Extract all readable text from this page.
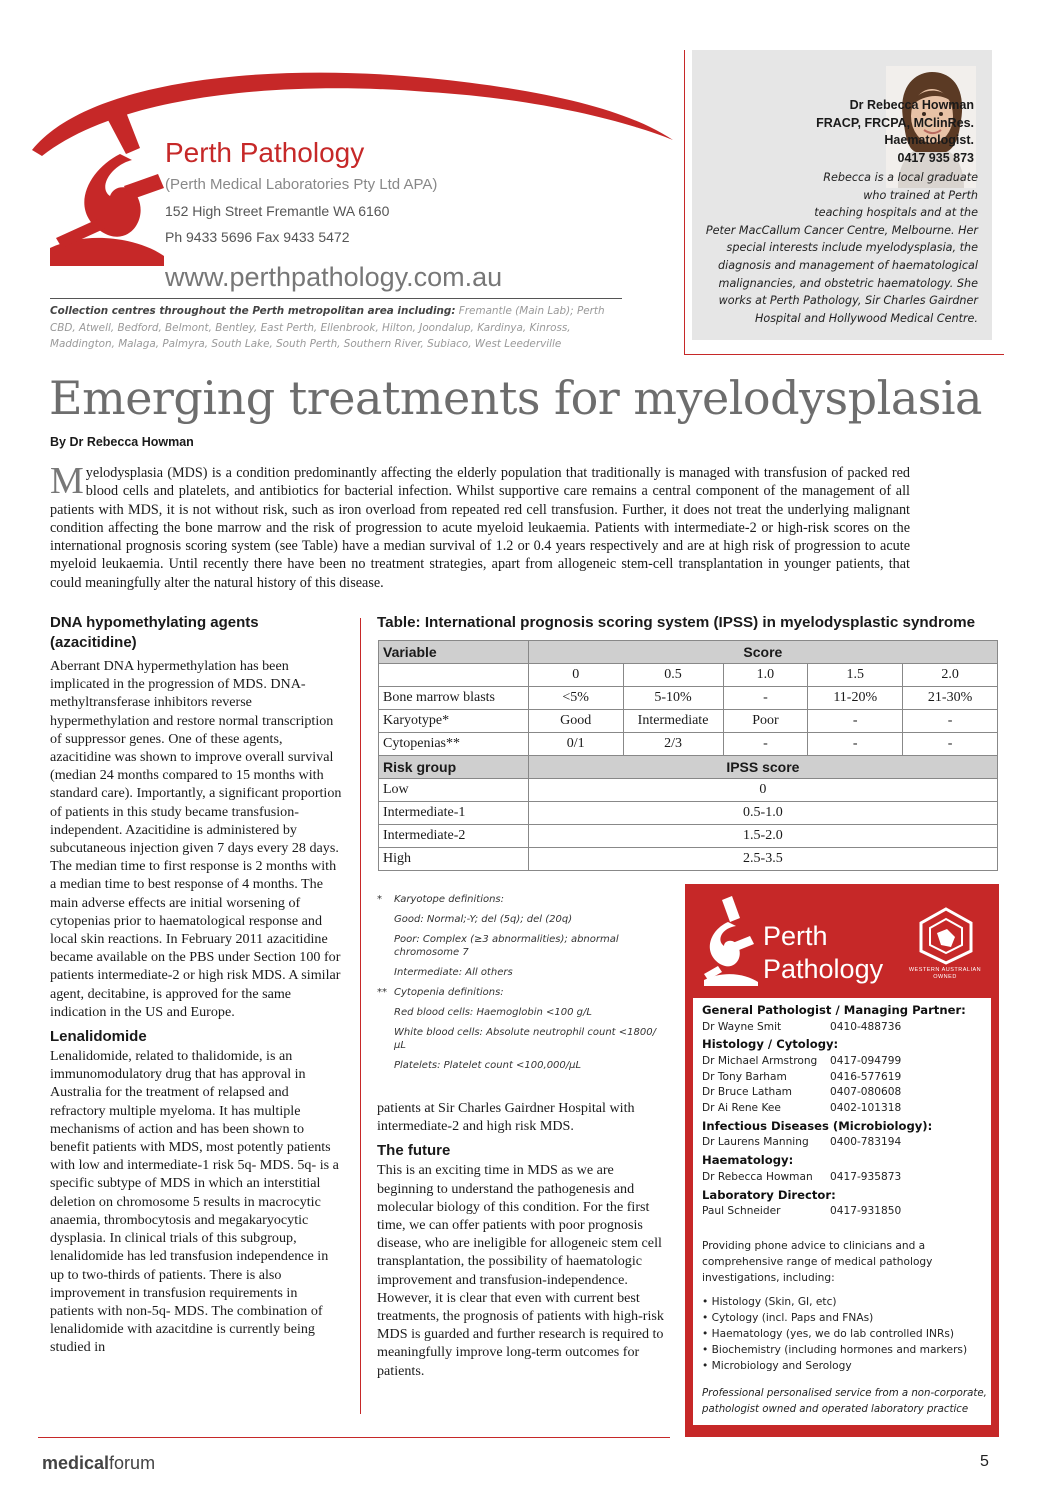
Perth Pathology
(Perth Medical Laboratories Pty Ltd APA)
152 High Street Fremantle WA 6160
Ph 9433 5696 Fax 9433 5472
www.perthpathology.com.au
Collection centres throughout the Perth metropolitan area including: Fremantle (Main Lab); Perth CBD, Atwell, Bedford, Belmont, Bentley, East Perth, Ellenbrook, Hilton, Joondalup, Kardinya, Kinross, Maddington, Malaga, Palmyra, South Lake, South Perth, Southern River, Subiaco, West Leederville
Dr Rebecca Howman
FRACP, FRCPA, MClinRes.
Haematologist.
0417 935 873
Rebecca is a local graduate
who trained at Perth
teaching hospitals and at the
Peter MacCallum Cancer Centre, Melbourne. Her
special interests include myelodysplasia, the
diagnosis and management of haematological
malignancies, and obstetric haematology. She
works at Perth Pathology, Sir Charles Gairdner
Hospital and Hollywood Medical Centre.
Emerging treatments for myelodysplasia
By Dr Rebecca Howman
Myelodysplasia (MDS) is a condition predominantly affecting the elderly population that traditionally is managed with transfusion of packed red blood cells and platelets, and antibiotics for bacterial infection. Whilst supportive care remains a central component of the management of all patients with MDS, it is not without risk, such as iron overload from repeated red cell transfusion. Further, it does not treat the underlying malignant condition affecting the bone marrow and the risk of progression to acute myeloid leukaemia. Patients with intermediate-2 or high-risk scores on the international prognosis scoring system (see Table) have a median survival of 1.2 or 0.4 years respectively and are at high risk of progression to acute myeloid leukaemia. Until recently there have been no treatment strategies, apart from allogeneic stem-cell transplantation in younger patients, that could meaningfully alter the natural history of this disease.
DNA hypomethylating agents (azacitidine)

Aberrant DNA hypermethylation has been implicated in the progression of MDS. DNA-methyltransferase inhibitors reverse hypermethylation and restore normal transcription of suppressor genes. One of these agents, azacitidine was shown to improve overall survival (median 24 months compared to 15 months with standard care). Importantly, a significant proportion of patients in this study became transfusion-independent. Azacitidine is administered by subcutaneous injection given 7 days every 28 days. The median time to first response is 2 months with a median time to best response of 4 months. The main adverse effects are initial worsening of cytopenias prior to haematological response and local skin reactions. In February 2011 azacitidine became available on the PBS under Section 100 for patients intermediate-2 or high risk MDS. A similar agent, decitabine, is approved for the same indication in the US and Europe.

Lenalidomide

Lenalidomide, related to thalidomide, is an immunomodulatory drug that has approval in Australia for the treatment of relapsed and refractory multiple myeloma. It has multiple mechanisms of action and has been shown to benefit patients with MDS, most potently patients with low and intermediate-1 risk 5q- MDS. 5q- is a specific subtype of MDS in which an interstitial deletion on chromosome 5 results in macrocytic anaemia, thrombocytosis and megakaryocytic dysplasia. In clinical trials of this subgroup, lenalidomide has led transfusion independence in up to two-thirds of patients. There is also improvement in transfusion requirements in patients with non-5q- MDS. The combination of lenalidomide with azacitdine is currently being studied in

Table: International prognosis scoring system (IPSS) in myelodysplastic syndrome
Variable	Score				
	0	0.5	1.0	1.5	2.0
Bone marrow blasts	<5%	5-10%	-	11-20%	21-30%
Karyotype*	Good	Intermediate	Poor	-	-
Cytopenias**	0/1	2/3	-	-	-
Risk group	IPSS score				
Low	0				
Intermediate-1	0.5-1.0				
Intermediate-2	1.5-2.0				
High	2.5-3.5				
* Karyotope definitions:
Good: Normal;-Y; del (5q); del (20q)
Poor: Complex (≥3 abnormalities); abnormal chromosome 7
Intermediate: All others
** Cytopenia definitions:
Red blood cells: Haemoglobin <100 g/L
White blood cells: Absolute neutrophil count <1800/µL
Platelets: Platelet count <100,000/µL

patients at Sir Charles Gairdner Hospital with intermediate-2 and high risk MDS.

The future

This is an exciting time in MDS as we are beginning to understand the pathogenesis and molecular biology of this condition. For the first time, we can offer patients with poor prognosis disease, who are ineligible for allogeneic stem cell transplantation, the possibility of haematologic improvement and transfusion-independence. However, it is clear that even with current best treatments, the prognosis of patients with high-risk MDS is guarded and further research is required to meaningfully improve long-term outcomes for patients.

Perth
Pathology	WESTERN AUSTRALIAN OWNED
General Pathologist / Managing Partner:
Dr Wayne Smit	0410-488736
Histology / Cytology:
Dr Michael Armstrong	0417-094799
Dr Tony Barham	0416-577619
Dr Bruce Latham	0407-080608
Dr Ai Rene Kee	0402-101318
Infectious Diseases (Microbiology):
Dr Laurens Manning	0400-783194
Haematology:
Dr Rebecca Howman	0417-935873
Laboratory Director:
Paul Schneider	0417-931850
Providing phone advice to clinicians and a comprehensive range of medical pathology investigations, including:
• Histology (Skin, GI, etc)
• Cytology (incl. Paps and FNAs)
• Haematology (yes, we do lab controlled INRs)
• Biochemistry (including hormones and markers)
• Microbiology and Serology
Professional personalised service from a non-corporate, pathologist owned and operated laboratory practice
medicalforum	5
